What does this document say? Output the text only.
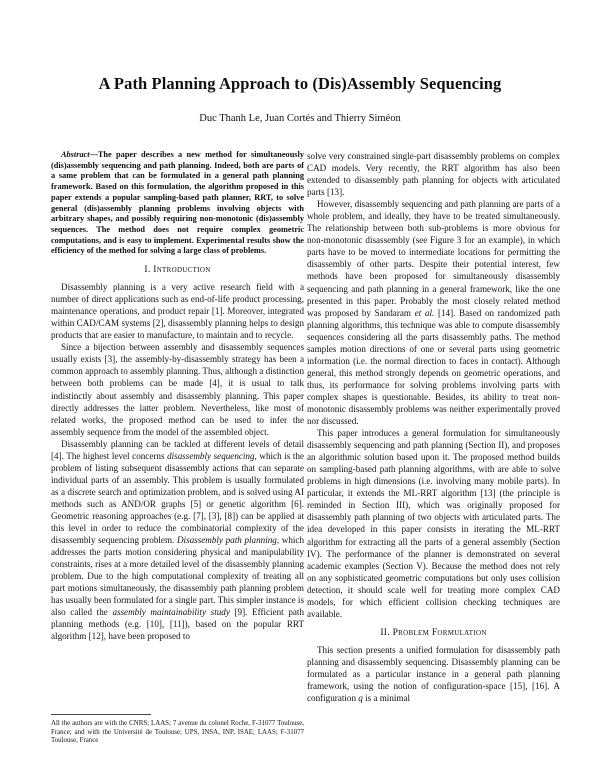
A Path Planning Approach to (Dis)Assembly Sequencing
Duc Thanh Le, Juan Cortés and Thierry Siméon

Abstract—The paper describes a new method for simultaneously (dis)assembly sequencing and path planning. Indeed, both are parts of a same problem that can be formulated in a general path planning framework. Based on this formulation, the algorithm proposed in this paper extends a popular sampling-based path planner, RRT, to solve general (dis)assembly planning problems involving objects with arbitrary shapes, and possibly requiring non-monotonic (dis)assembly sequences. The method does not require complex geometric computations, and is easy to implement. Experimental results show the efficiency of the method for solving a large class of problems.

I. Introduction

Disassembly planning is a very active research field with a number of direct applications such as end-of-life product processing, maintenance operations, and product repair [1]. Moreover, integrated within CAD/CAM systems [2], disassembly planning helps to design products that are easier to manufacture, to maintain and to recycle.

Since a bijection between assembly and disassembly sequences usually exists [3], the assembly-by-disassembly strategy has been a common approach to assembly planning. Thus, although a distinction between both problems can be made [4], it is usual to talk indistinctly about assembly and disassembly planning. This paper directly addresses the latter problem. Nevertheless, like most of related works, the proposed method can be used to infer the assembly sequence from the model of the assembled object.

Disassembly planning can be tackled at different levels of detail [4]. The highest level concerns disassembly sequencing, which is the problem of listing subsequent disassembly actions that can separate individual parts of an assembly. This problem is usually formulated as a discrete search and optimization problem, and is solved using AI methods such as AND/OR graphs [5] or genetic algorithm [6]. Geometric reasoning approaches (e.g. [7], [3], [8]) can be applied at this level in order to reduce the combinatorial complexity of the disassembly sequencing problem. Disassembly path planning, which addresses the parts motion considering physical and manipulability constraints, rises at a more detailed level of the disassembly planning problem. Due to the high computational complexity of treating all part motions simultaneously, the disassembly path planning problem has usually been formulated for a single part. This simpler instance is also called the assembly maintainability study [9]. Efficient path planning methods (e.g. [10], [11]), based on the popular RRT algorithm [12], have been proposed to

All the authors are with the CNRS; LAAS; 7 avenue du colonel Roche, F-31077 Toulouse, France; and with the Université de Toulouse; UPS, INSA, INP, ISAE; LAAS; F-31077 Toulouse, France

solve very constrained single-part disassembly problems on complex CAD models. Very recently, the RRT algorithm has also been extended to disassembly path planning for objects with articulated parts [13].

However, disassembly sequencing and path planning are parts of a whole problem, and ideally, they have to be treated simultaneously. The relationship between both sub-problems is more obvious for non-monotonic disassembly (see Figure 3 for an example), in which parts have to be moved to intermediate locations for permitting the disassembly of other parts. Despite their potential interest, few methods have been proposed for simultaneously disassembly sequencing and path planning in a general framework, like the one presented in this paper. Probably the most closely related method was proposed by Sandaram et al. [14]. Based on randomized path planning algorithms, this technique was able to compute disassembly sequences considering all the parts disassembly paths. The method samples motion directions of one or several parts using geometric information (i.e. the normal direction to faces in contact). Although general, this method strongly depends on geometric operations, and thus, its performance for solving problems involving parts with complex shapes is questionable. Besides, its ability to treat non-monotonic disassembly problems was neither experimentally proved nor discussed.

This paper introduces a general formulation for simultaneously disassembly sequencing and path planning (Section II), and proposes an algorithmic solution based upon it. The proposed method builds on sampling-based path planning algorithms, with are able to solve problems in high dimensions (i.e. involving many mobile parts). In particular, it extends the ML-RRT algorithm [13] (the principle is reminded in Section III), which was originally proposed for disassembly path planning of two objects with articulated parts. The idea developed in this paper consists in iterating the ML-RRT algorithm for extracting all the parts of a general assembly (Section IV). The performance of the planner is demonstrated on several academic examples (Section V). Because the method does not rely on any sophisticated geometric computations but only uses collision detection, it should scale well for treating more complex CAD models, for which efficient collision checking techniques are available.

II. Problem Formulation

This section presents a unified formulation for disassembly path planning and disassembly sequencing. Disassembly planning can be formulated as a particular instance in a general path planning framework, using the notion of configuration-space [15], [16]. A configuration q is a minimal
